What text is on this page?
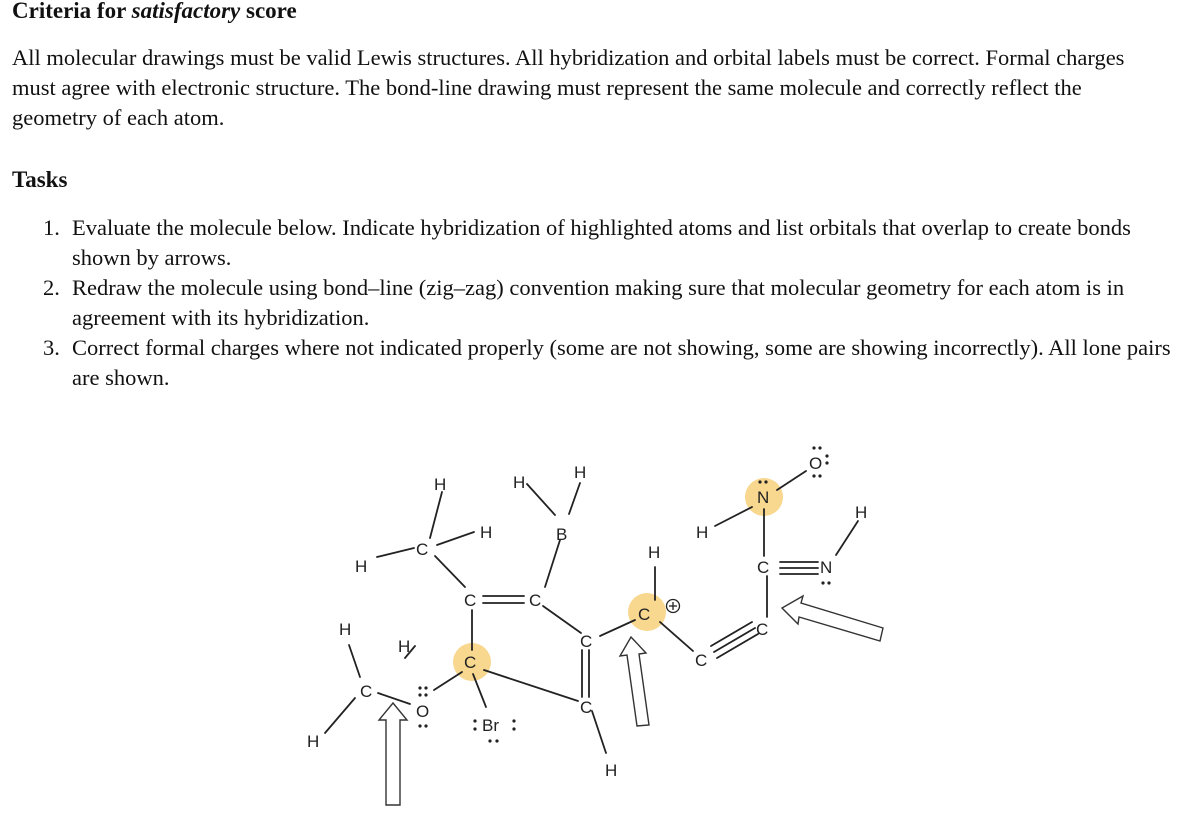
Criteria for satisfactory score

All molecular drawings must be valid Lewis structures. All hybridization and orbital labels must be correct. Formal charges must agree with electronic structure. The bond-line drawing must represent the same molecule and correctly reflect the geometry of each atom.

Tasks
1. Evaluate the molecule below. Indicate hybridization of highlighted atoms and list orbitals that overlap to create bonds shown by arrows.
2. Redraw the molecule using bond–line (zig–zag) convention making sure that molecular geometry for each atom is in agreement with its hybridization.
3. Correct formal charges where not indicated properly (some are not showing, some are showing incorrectly). All lone pairs are shown.
H
C
H
H
C
H
H
C
H
H
H
B
C
C
O
Br
C
C
H
H
C
C
C
C
H
N
O
N
H
